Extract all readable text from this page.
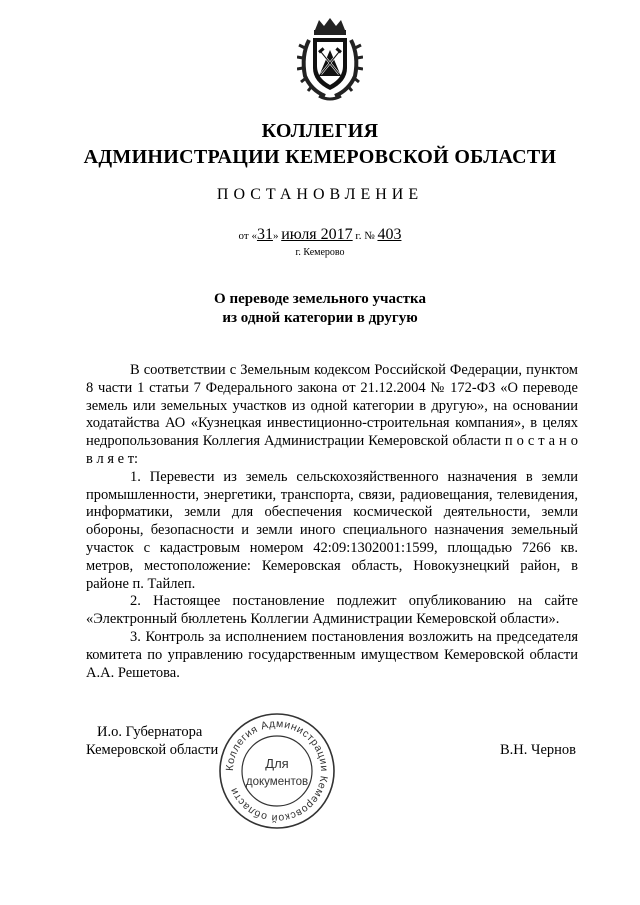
КОЛЛЕГИЯ
АДМИНИСТРАЦИИ КЕМЕРОВСКОЙ ОБЛАСТИ
ПОСТАНОВЛЕНИЕ
от «31» июля 2017 г. № 403
г. Кемерово
О переводе земельного участка
из одной категории в другую

В соответствии с Земельным кодексом Российской Федерации, пунктом 8 части 1 статьи 7 Федерального закона от 21.12.2004 № 172-ФЗ «О переводе земель или земельных участков из одной категории в другую», на основании ходатайства АО «Кузнецкая инвестиционно-строительная компания», в целях недропользования Коллегия Администрации Кемеровской области п о с т а н о в л я е т:

1. Перевести из земель сельскохозяйственного назначения в земли промышленности, энергетики, транспорта, связи, радиовещания, телевидения, информатики, земли для обеспечения космической деятельности, земли обороны, безопасности и земли иного специального назначения земельный участок с кадастровым номером 42:09:1302001:1599, площадью 7266 кв. метров, местоположение: Кемеровская область, Новокузнецкий район, в районе п. Тайлеп.

2. Настоящее постановление подлежит опубликованию на сайте «Электронный бюллетень Коллегии Администрации Кемеровской области».

3. Контроль за исполнением постановления возложить на председателя комитета по управлению государственным имуществом Кемеровской области А.А. Решетова.

И.о. Губернатора
Кемеровской области	В.Н. Чернов
Коллегия Администрации Кемеровской области
Для
документов
